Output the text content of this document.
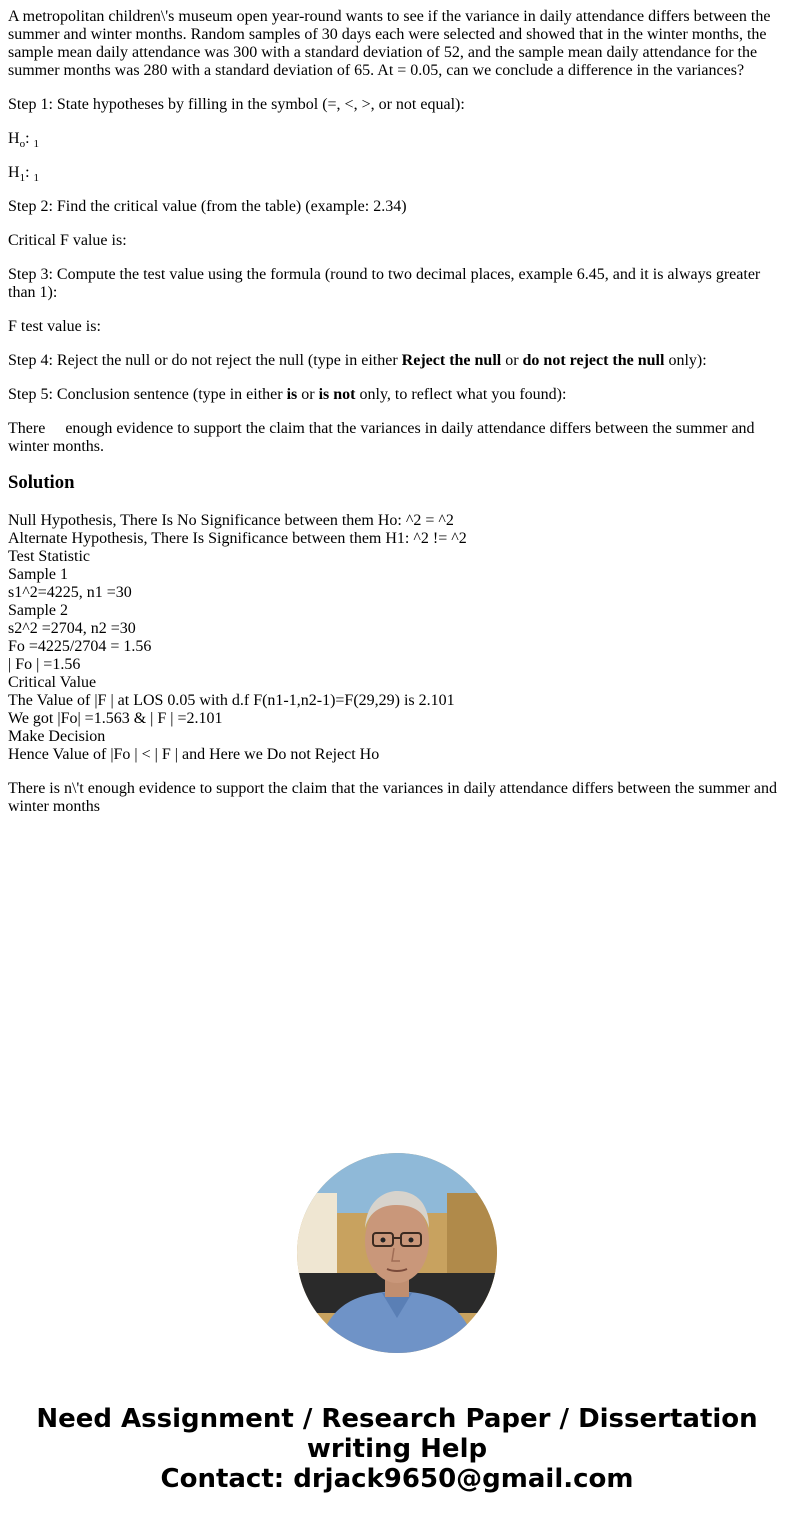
A metropolitan children\'s museum open year-round wants to see if the variance in daily attendance differs between the summer and winter months. Random samples of 30 days each were selected and showed that in the winter months, the sample mean daily attendance was 300 with a standard deviation of 52, and the sample mean daily attendance for the summer months was 280 with a standard deviation of 65. At = 0.05, can we conclude a difference in the variances?

Step 1: State hypotheses by filling in the symbol (=, <, >, or not equal):

$H_o$: $_1$

$H_1$: $_1$

Step 2: Find the critical value (from the table) (example: 2.34)

Critical F value is:

Step 3: Compute the test value using the formula (round to two decimal places, example 6.45, and it is always greater than 1):

F test value is:

Step 4: Reject the null or do not reject the null (type in either Reject the null or do not reject the null only):

Step 5: Conclusion sentence (type in either is or is not only, to reflect what you found):

There enough evidence to support the claim that the variances in daily attendance differs between the summer and winter months.

Solution
Null Hypothesis, There Is No Significance between them Ho: ^2 = ^2
Alternate Hypothesis, There Is Significance between them H1: ^2 != ^2
Test Statistic
Sample 1
s1^2=4225, n1 =30
Sample 2
s2^2 =2704, n2 =30
Fo =4225/2704 = 1.56
| Fo | =1.56
Critical Value
The Value of |F | at LOS 0.05 with d.f F(n1-1,n2-1)=F(29,29) is 2.101
We got |Fo| =1.563 & | F | =2.101
Make Decision
Hence Value of |Fo | < | F | and Here we Do not Reject Ho

There is n\'t enough evidence to support the claim that the variances in daily attendance differs between the summer and winter months

Need Assignment / Research Paper / Dissertation
writing Help
Contact: drjack9650@gmail.com
